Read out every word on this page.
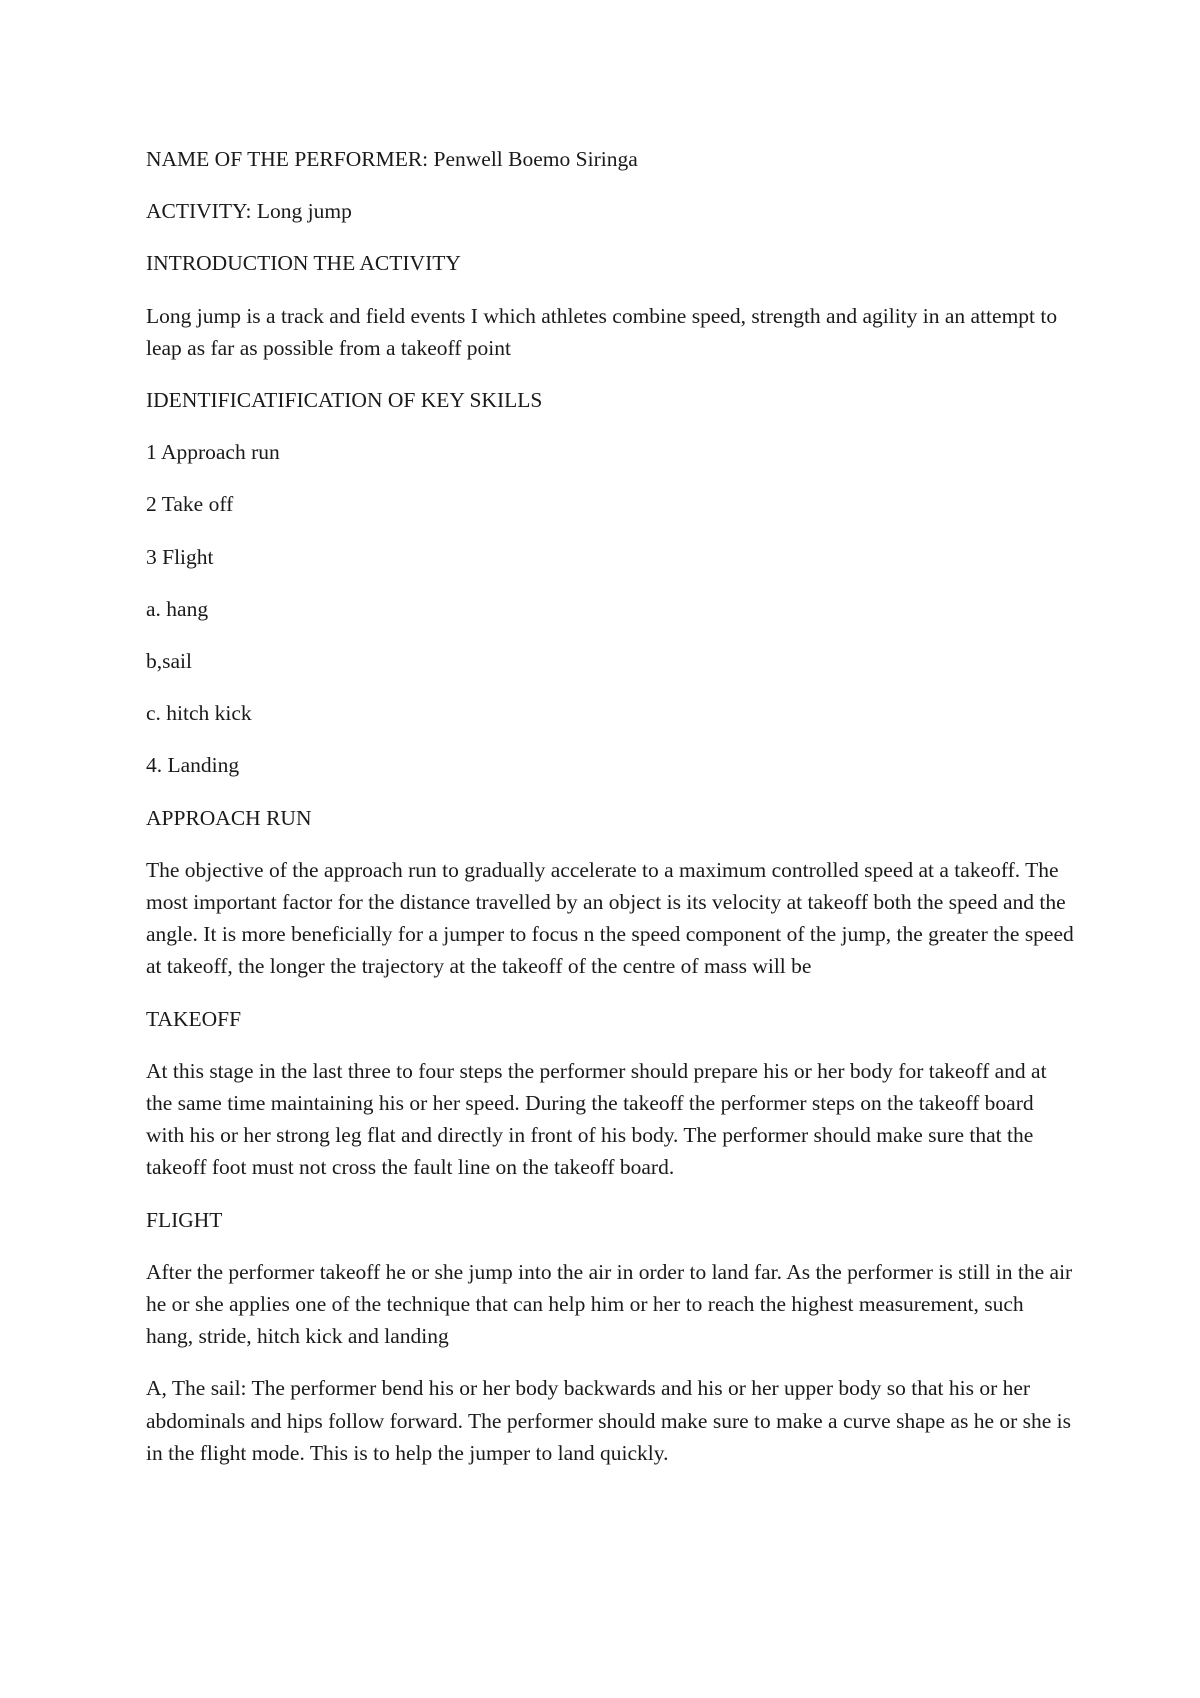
NAME OF THE PERFORMER: Penwell Boemo Siringa

ACTIVITY: Long jump

INTRODUCTION THE ACTIVITY

Long jump is a track and field events I which athletes combine speed, strength and agility in an attempt to leap as far as possible from a takeoff point

IDENTIFICATIFICATION OF KEY SKILLS

1 Approach run

2 Take off

3 Flight

a. hang

b,sail

c. hitch kick

4. Landing

APPROACH RUN

The objective of the approach run to gradually accelerate to a maximum controlled speed at a takeoff. The most important factor for the distance travelled by an object is its velocity at takeoff both the speed and the angle. It is more beneficially for a jumper to focus n the speed component of the jump, the greater the speed at takeoff, the longer the trajectory at the takeoff of the centre of mass will be

TAKEOFF

At this stage in the last three to four steps the performer should prepare his or her body for takeoff and at the same time maintaining his or her speed. During the takeoff the performer steps on the takeoff board with his or her strong leg flat and directly in front of his body. The performer should make sure that the takeoff foot must not cross the fault line on the takeoff board.

FLIGHT

After the performer takeoff he or she jump into the air in order to land far. As the performer is still in the air he or she applies one of the technique that can help him or her to reach the highest measurement, such hang, stride, hitch kick and landing

A, The sail: The performer bend his or her body backwards and his or her upper body so that his or her abdominals and hips follow forward. The performer should make sure to make a curve shape as he or she is in the flight mode. This is to help the jumper to land quickly.
